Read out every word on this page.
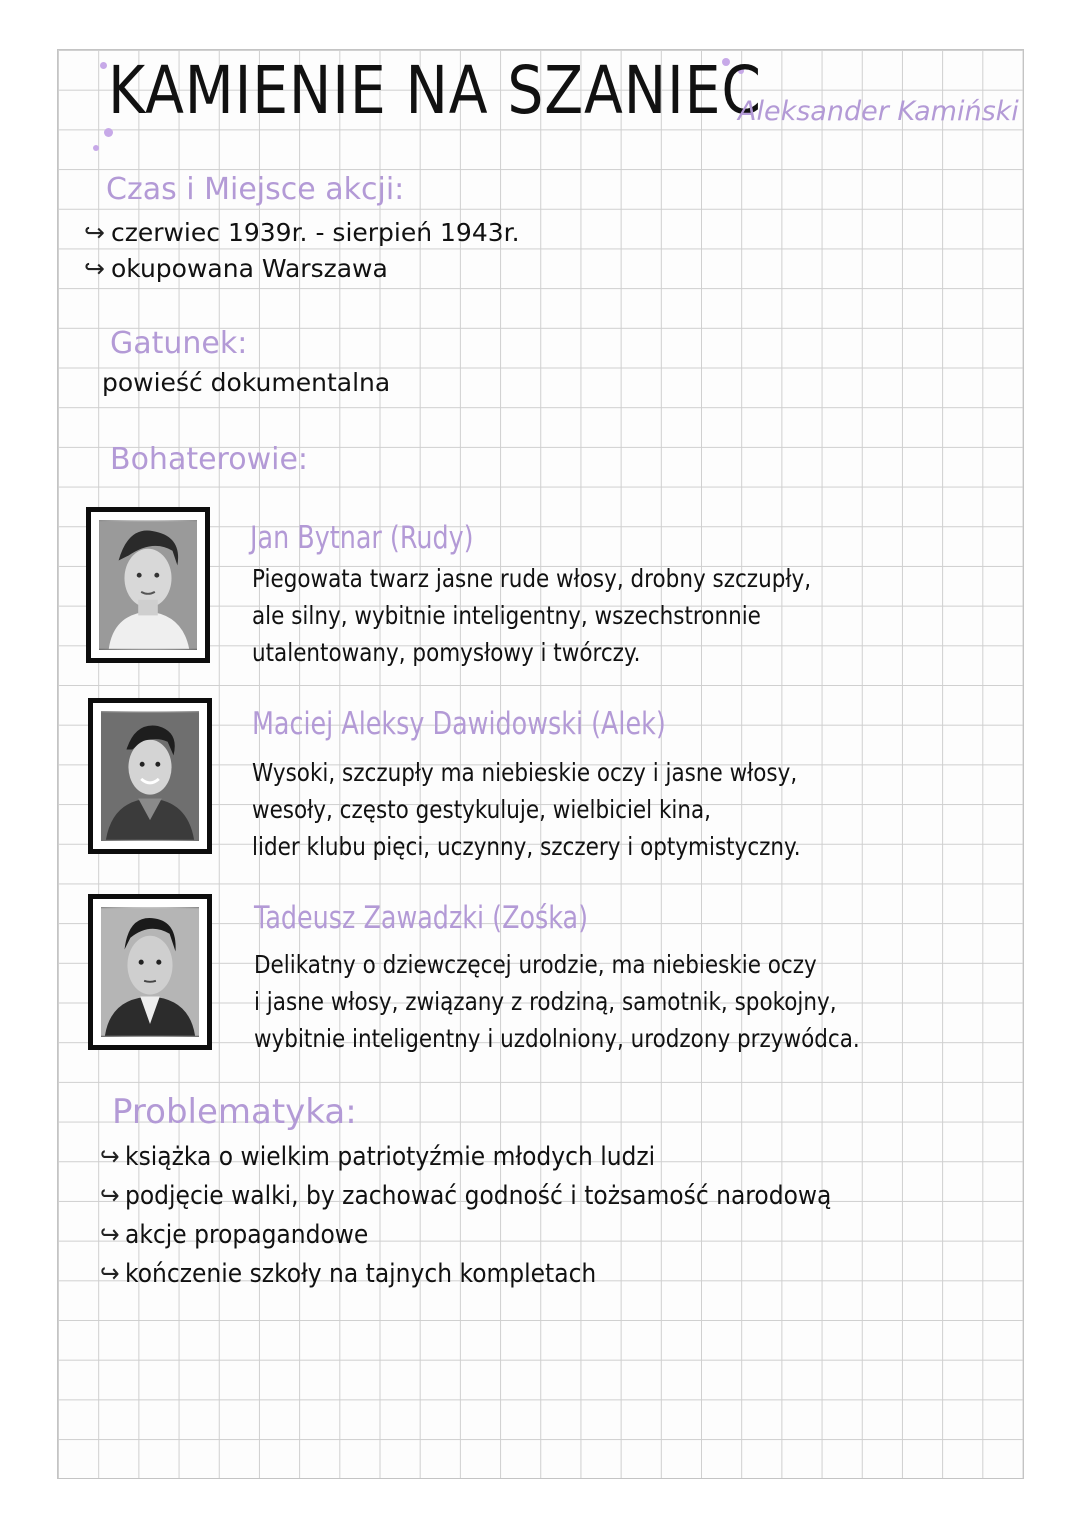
KAMIENIE NA SZANIEC
Aleksander Kamiński
Czas i Miejsce akcji:
↪ czerwiec 1939r. - sierpień 1943r.
↪ okupowana Warszawa
Gatunek:
powieść dokumentalna
Bohaterowie:
Jan Bytnar (Rudy)
Piegowata twarz jasne rude włosy, drobny szczupły,
ale silny, wybitnie inteligentny, wszechstronnie
utalentowany, pomysłowy i twórczy.
Maciej Aleksy Dawidowski (Alek)
Wysoki, szczupły ma niebieskie oczy i jasne włosy,
wesoły, często gestykuluje, wielbiciel kina,
lider klubu pięci, uczynny, szczery i optymistyczny.
Tadeusz Zawadzki (Zośka)
Delikatny o dziewczęcej urodzie, ma niebieskie oczy
i jasne włosy, związany z rodziną, samotnik, spokojny,
wybitnie inteligentny i uzdolniony, urodzony przywódca.
Problematyka:
↪ książka o wielkim patriotyźmie młodych ludzi
↪ podjęcie walki, by zachować godność i tożsamość narodową
↪ akcje propagandowe
↪ kończenie szkoły na tajnych kompletach
